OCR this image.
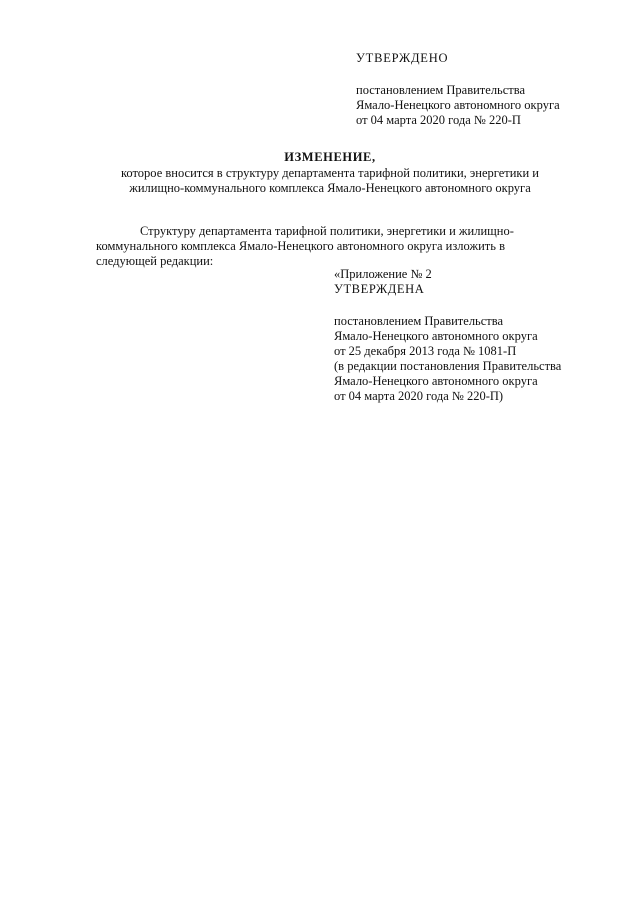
УТВЕРЖДЕНО
постановлением Правительства
Ямало-Ненецкого автономного округа
от 04 марта 2020 года № 220-П
ИЗМЕНЕНИЕ,
которое вносится в структуру департамента тарифной политики, энергетики и
жилищно-коммунального комплекса Ямало-Ненецкого автономного округа
Структуру департамента тарифной политики, энергетики и жилищно-
коммунального комплекса Ямало-Ненецкого автономного округа изложить в
следующей редакции:
«Приложение № 2
УТВЕРЖДЕНА
постановлением Правительства
Ямало-Ненецкого автономного округа
от 25 декабря 2013 года № 1081-П
(в редакции постановления Правительства
Ямало-Ненецкого автономного округа
от 04 марта 2020 года № 220-П)
